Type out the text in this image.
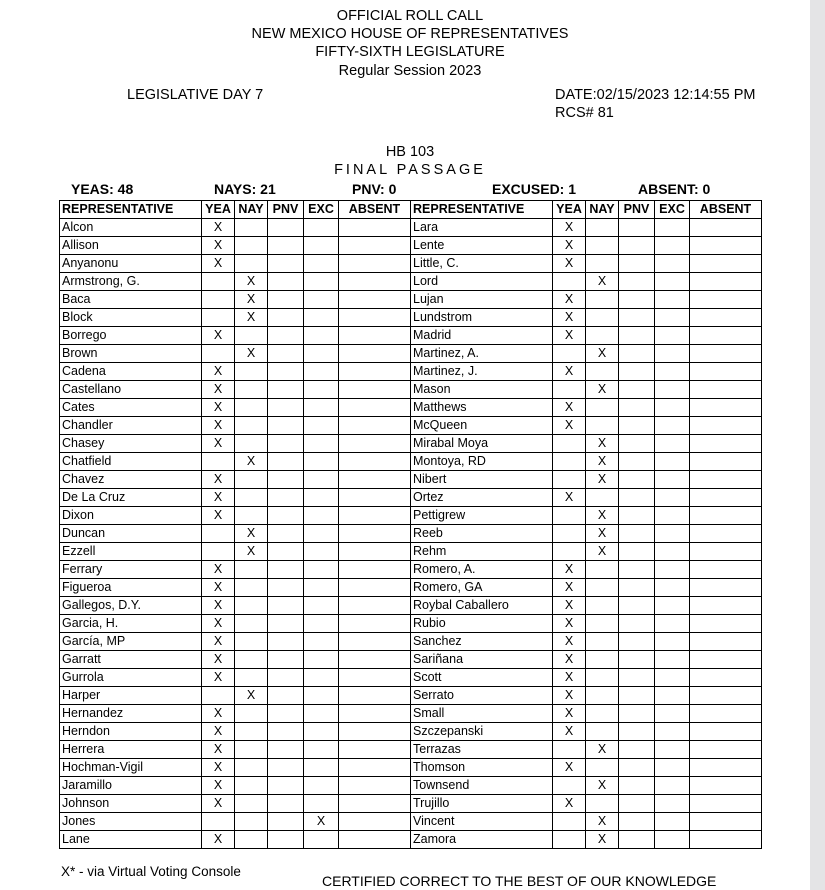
OFFICIAL ROLL CALL
NEW MEXICO HOUSE OF REPRESENTATIVES
FIFTY-SIXTH LEGISLATURE
Regular Session 2023
LEGISLATIVE DAY 7	DATE:02/15/2023 12:14:55 PM
RCS# 81
HB 103
FINAL PASSAGE
YEAS: 48	NAYS: 21	PNV: 0	EXCUSED: 1	ABSENT: 0
REPRESENTATIVE	YEA	NAY	PNV	EXC	ABSENT	REPRESENTATIVE	YEA	NAY	PNV	EXC	ABSENT
Alcon	X					Lara	X				
Allison	X					Lente	X				
Anyanonu	X					Little, C.	X				
Armstrong, G.		X				Lord		X			
Baca		X				Lujan	X				
Block		X				Lundstrom	X				
Borrego	X					Madrid	X				
Brown		X				Martinez, A.		X			
Cadena	X					Martinez, J.	X				
Castellano	X					Mason		X			
Cates	X					Matthews	X				
Chandler	X					McQueen	X				
Chasey	X					Mirabal Moya		X			
Chatfield		X				Montoya, RD		X			
Chavez	X					Nibert		X			
De La Cruz	X					Ortez	X				
Dixon	X					Pettigrew		X			
Duncan		X				Reeb		X			
Ezzell		X				Rehm		X			
Ferrary	X					Romero, A.	X				
Figueroa	X					Romero, GA	X				
Gallegos, D.Y.	X					Roybal Caballero	X				
Garcia, H.	X					Rubio	X				
García, MP	X					Sanchez	X				
Garratt	X					Sariñana	X				
Gurrola	X					Scott	X				
Harper		X				Serrato	X				
Hernandez	X					Small	X				
Herndon	X					Szczepanski	X				
Herrera	X					Terrazas		X			
Hochman-Vigil	X					Thomson	X				
Jaramillo	X					Townsend		X			
Johnson	X					Trujillo	X				
Jones				X		Vincent		X			
Lane	X					Zamora		X			
X* - via Virtual Voting Console
CERTIFIED CORRECT TO THE BEST OF OUR KNOWLEDGE
